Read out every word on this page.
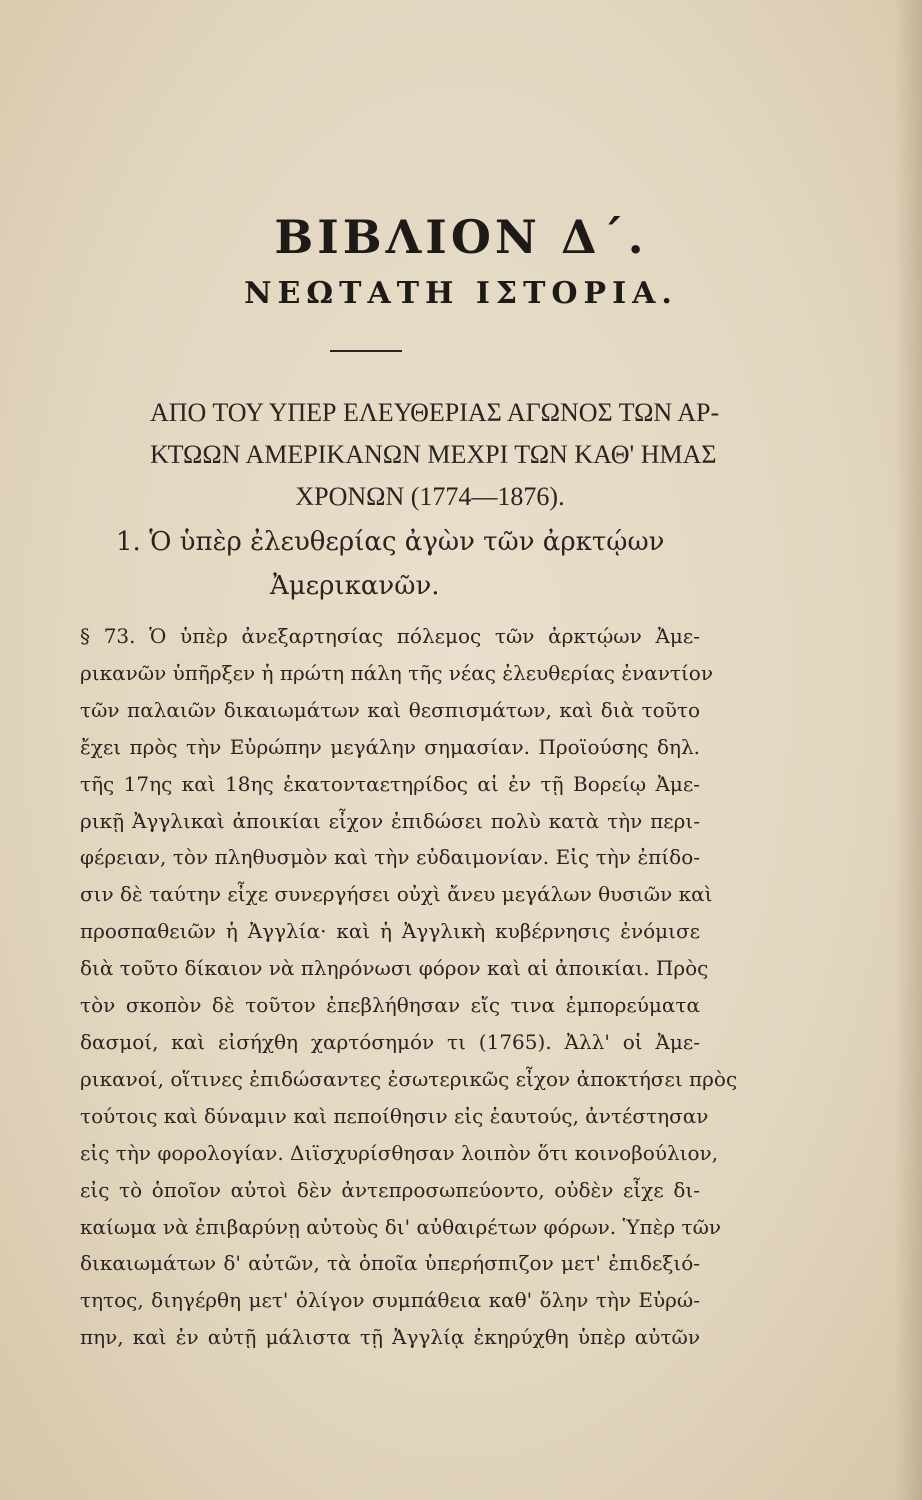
ΒΙΒΛΙΟΝ Δ΄.
ΝΕΩΤΑΤΗ ΙΣΤΟΡΙΑ.
ΑΠΟ ΤΟΥ ΥΠΕΡ ΕΛΕΥΘΕΡΙΑΣ ΑΓΩΝΟΣ ΤΩΝ ΑΡ-
ΚΤΩΩΝ ΑΜΕΡΙΚΑΝΩΝ ΜΕΧΡΙ ΤΩΝ ΚΑΘ' ΗΜΑΣ
ΧΡΟΝΩΝ (1774—1876).
1. Ὁ ὑπὲρ ἐλευθερίας ἀγὼν τῶν ἀρκτῴων
Ἀμερικανῶν.
§ 73. Ὁ ὑπὲρ ἀνεξαρτησίας πόλεμος τῶν ἀρκτῴων Ἀμε-
ρικανῶν ὑπῆρξεν ἡ πρώτη πάλη τῆς νέας ἐλευθερίας ἐναντίον
τῶν παλαιῶν δικαιωμάτων καὶ θεσπισμάτων, καὶ διὰ τοῦτο
ἔχει πρὸς τὴν Εὐρώπην μεγάλην σημασίαν. Προϊούσης δηλ.
τῆς 17ης καὶ 18ης ἑκατονταετηρίδος αἱ ἐν τῇ Βορείῳ Ἀμε-
ρικῇ Ἀγγλικαὶ ἀποικίαι εἶχον ἐπιδώσει πολὺ κατὰ τὴν περι-
φέρειαν, τὸν πληθυσμὸν καὶ τὴν εὐδαιμονίαν. Εἰς τὴν ἐπίδο-
σιν δὲ ταύτην εἶχε συνεργήσει οὐχὶ ἄνευ μεγάλων θυσιῶν καὶ
προσπαθειῶν ἡ Ἀγγλία· καὶ ἡ Ἀγγλικὴ κυβέρνησις ἐνόμισε
διὰ τοῦτο δίκαιον νὰ πληρόνωσι φόρον καὶ αἱ ἀποικίαι. Πρὸς
τὸν σκοπὸν δὲ τοῦτον ἐπεβλήθησαν εἴς τινα ἐμπορεύματα
δασμοί, καὶ εἰσήχθη χαρτόσημόν τι (1765). Ἀλλ' οἱ Ἀμε-
ρικανοί, οἵτινες ἐπιδώσαντες ἐσωτερικῶς εἶχον ἀποκτήσει πρὸς
τούτοις καὶ δύναμιν καὶ πεποίθησιν εἰς ἑαυτούς, ἀντέστησαν
εἰς τὴν φορολογίαν. Διϊσχυρίσθησαν λοιπὸν ὅτι κοινοβούλιον,
εἰς τὸ ὁποῖον αὐτοὶ δὲν ἀντεπροσωπεύοντο, οὐδὲν εἶχε δι-
καίωμα νὰ ἐπιβαρύνῃ αὐτοὺς δι' αὐθαιρέτων φόρων. Ὑπὲρ τῶν
δικαιωμάτων δ' αὐτῶν, τὰ ὁποῖα ὑπερήσπιζον μετ' ἐπιδεξιό-
τητος, διηγέρθη μετ' ὀλίγον συμπάθεια καθ' ὅλην τὴν Εὐρώ-
πην, καὶ ἐν αὐτῇ μάλιστα τῇ Ἀγγλίᾳ ἐκηρύχθη ὑπὲρ αὐτῶν
